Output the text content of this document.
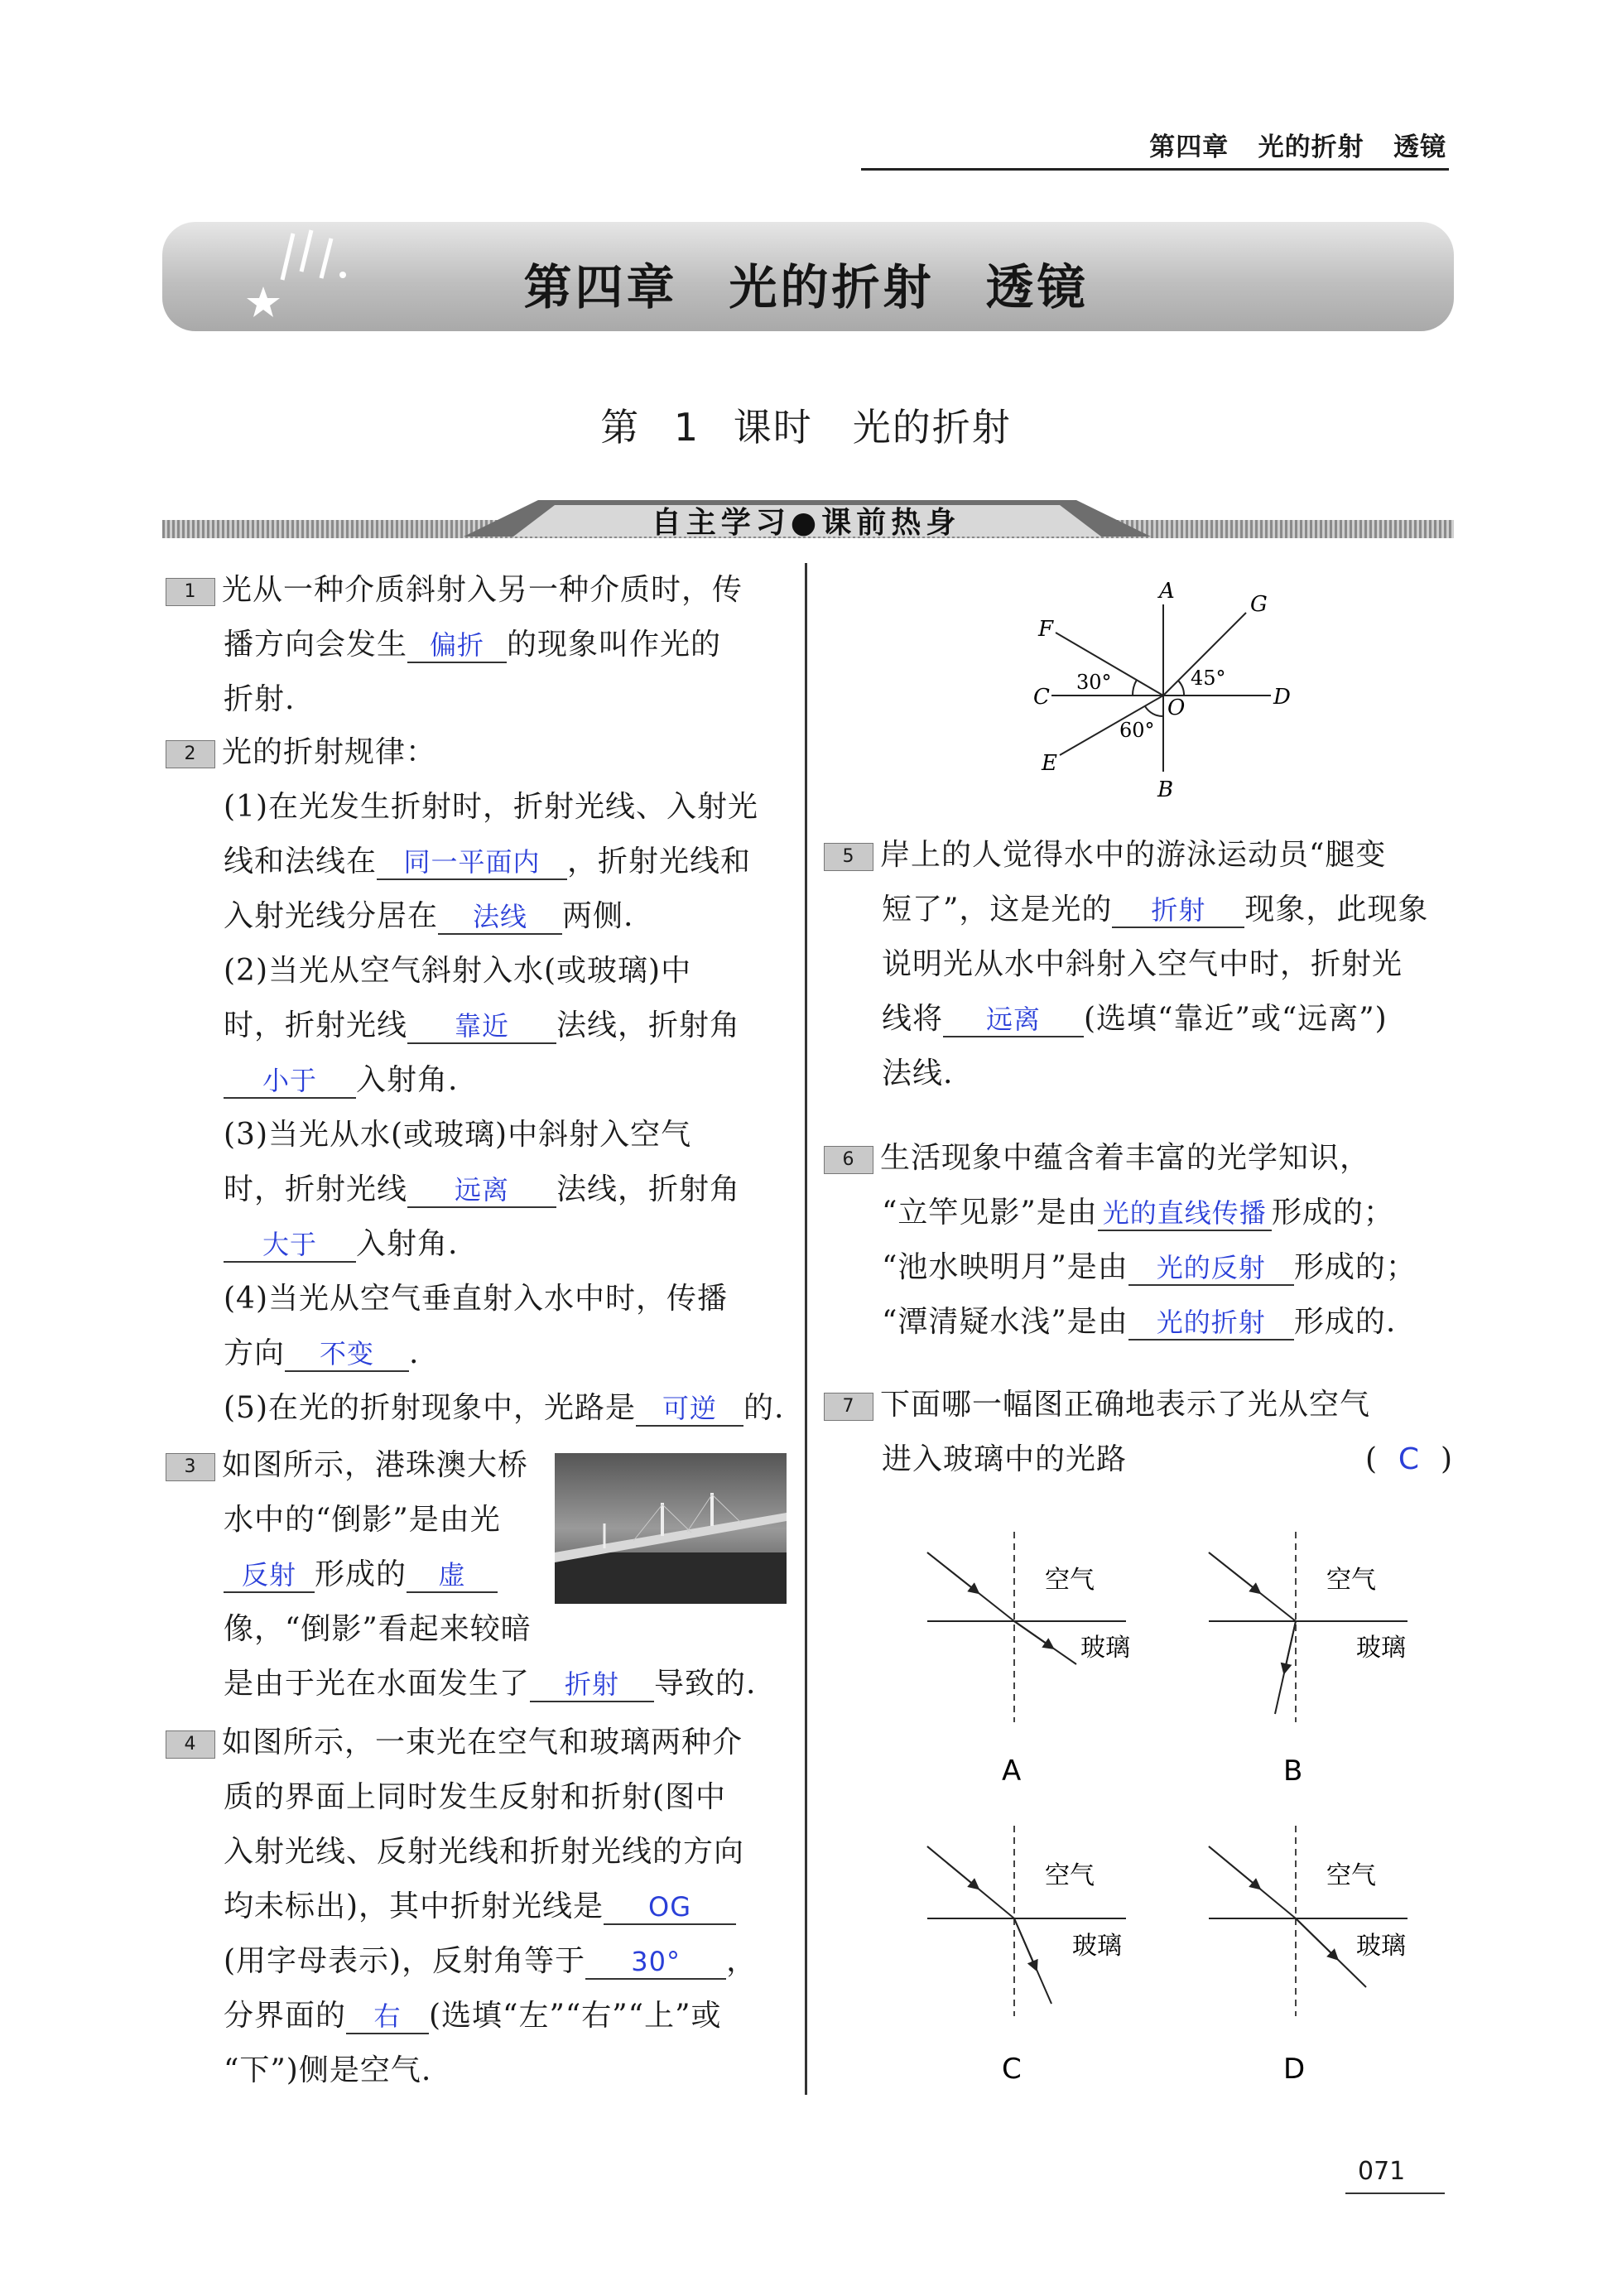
第四章 光的折射 透镜
第四章　光的折射　透镜
第 1 课时　光的折射
自主学习●课前热身
1 光从一种介质斜射入另一种介质时，传
播方向会发生 偏折 的现象叫作光的
折射.
2 光的折射规律：
(1)在光发生折射时，折射光线、入射光
线和法线在 同一平面内 ，折射光线和
入射光线分居在 法线 两侧.
(2)当光从空气斜射入水(或玻璃)中
时，折射光线 靠近 法线，折射角
小于 入射角.
(3)当光从水(或玻璃)中斜射入空气
时，折射光线 远离 法线，折射角
大于 入射角.
(4)当光从空气垂直射入水中时，传播
方向 不变 .
(5)在光的折射现象中，光路是 可逆 的.
3 如图所示，港珠澳大桥
水中的“倒影”是由光
反射 形成的 虚
像，“倒影”看起来较暗
是由于光在水面发生了 折射 导致的.
4 如图所示，一束光在空气和玻璃两种介
质的界面上同时发生反射和折射(图中
入射光线、反射光线和折射光线的方向
均未标出)，其中折射光线是 OG
(用字母表示)，反射角等于 30° ，
分界面的 右 (选填“左”“右”“上”或
“下”)侧是空气.
A
B
C	D
E
F
G
O
30°	45°
60°
5 岸上的人觉得水中的游泳运动员“腿变
短了”，这是光的 折射 现象，此现象
说明光从水中斜射入空气中时，折射光
线将 远离 (选填“靠近”或“远离”)
法线.
6 生活现象中蕴含着丰富的光学知识，
“立竿见影”是由 光的直线传播 形成的；
“池水映明月”是由 光的反射 形成的；
“潭清疑水浅”是由 光的折射 形成的.
7 下面哪一幅图正确地表示了光从空气
进入玻璃中的光路	( C )
空气
玻璃
A
空气
玻璃
B
空气
玻璃
C
空气
玻璃
D
071
